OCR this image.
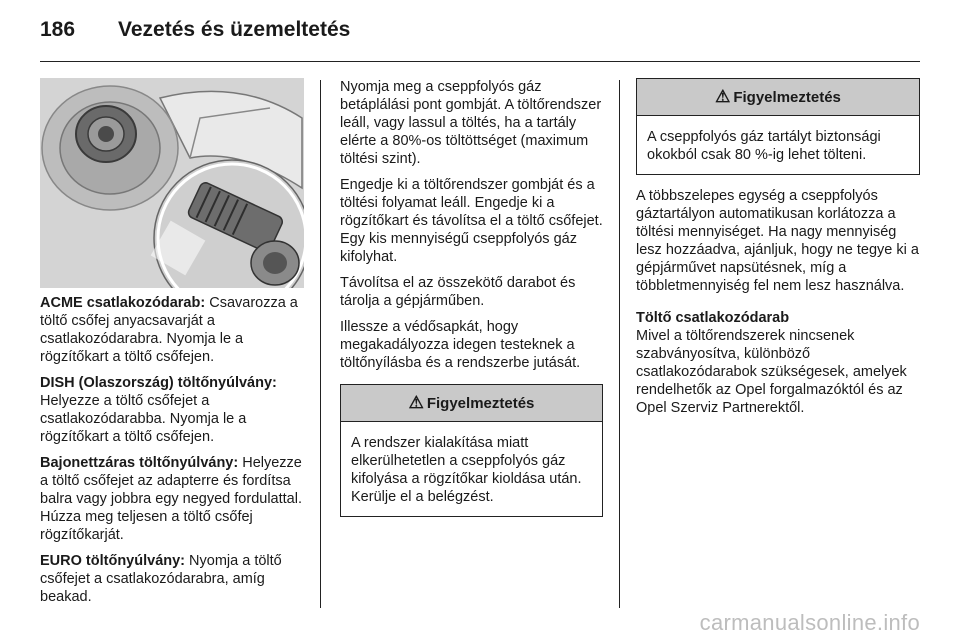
186 Vezetés és üzemeltetés

ACME csatlakozódarab: Csavarozza a töltő csőfej anyacsavarját a csatlakozódarabra. Nyomja le a rögzítőkart a töltő csőfejen.

DISH (Olaszország) töltőnyúlvány: Helyezze a töltő csőfejet a csatlakozódarabba. Nyomja le a rögzítőkart a töltő csőfejen.

Bajonettzáras töltőnyúlvány: Helyezze a töltő csőfejet az adapterre és fordítsa balra vagy jobbra egy negyed fordulattal. Húzza meg teljesen a töltő csőfej rögzítőkarját.

EURO töltőnyúlvány: Nyomja a töltő csőfejet a csatlakozódarabra, amíg beakad.

Nyomja meg a cseppfolyós gáz betáplálási pont gombját. A töltőrendszer leáll, vagy lassul a töltés, ha a tartály elérte a 80%-os töltöttséget (maximum töltési szint).

Engedje ki a töltőrendszer gombját és a töltési folyamat leáll. Engedje ki a rögzítőkart és távolítsa el a töltő csőfejet. Egy kis mennyiségű cseppfolyós gáz kifolyhat.

Távolítsa el az összekötő darabot és tárolja a gépjárműben.

Illessze a védősapkát, hogy megakadályozza idegen testeknek a töltőnyílásba és a rendszerbe jutását.

⚠ Figyelmeztetés
A rendszer kialakítása miatt elkerülhetetlen a cseppfolyós gáz kifolyása a rögzítőkar kioldása után. Kerülje el a belégzést.
⚠ Figyelmeztetés
A cseppfolyós gáz tartályt biztonsági okokból csak 80 %-ig lehet tölteni.

A többszelepes egység a cseppfolyós gáztartályon automatikusan korlátozza a töltési mennyiséget. Ha nagy mennyiség lesz hozzáadva, ajánljuk, hogy ne tegye ki a gépjárművet napsütésnek, míg a többletmennyiség fel nem lesz használva.

Töltő csatlakozódarab

Mivel a töltőrendszerek nincsenek szabványosítva, különböző csatlakozódarabok szükségesek, amelyek rendelhetők az Opel forgalmazóktól és az Opel Szerviz Partnerektől.

carmanualsonline.info
